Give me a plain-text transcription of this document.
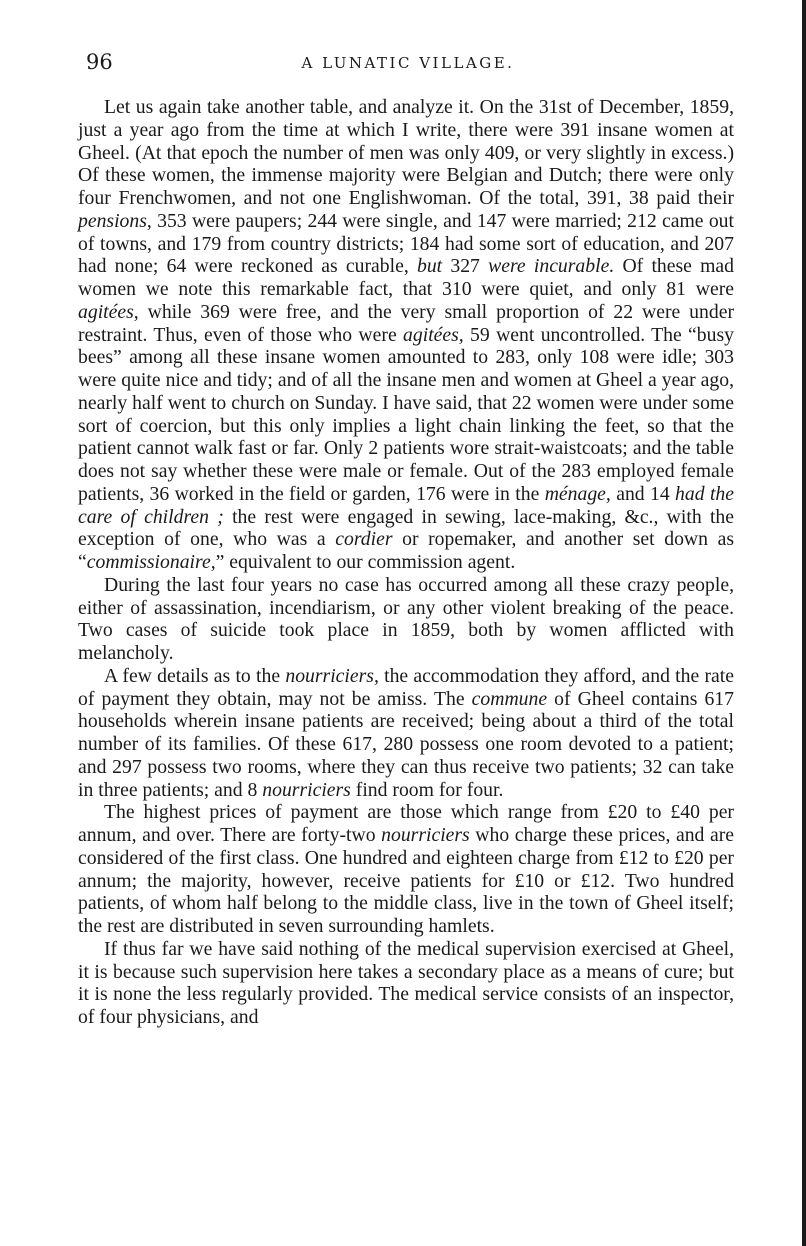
96	A LUNATIC VILLAGE.

Let us again take another table, and analyze it. On the 31st of December, 1859, just a year ago from the time at which I write, there were 391 insane women at Gheel. (At that epoch the number of men was only 409, or very slightly in excess.) Of these women, the immense majority were Belgian and Dutch; there were only four Frenchwomen, and not one Englishwoman. Of the total, 391, 38 paid their pensions, 353 were paupers; 244 were single, and 147 were married; 212 came out of towns, and 179 from country districts; 184 had some sort of education, and 207 had none; 64 were reckoned as curable, but 327 were incurable. Of these mad women we note this remarkable fact, that 310 were quiet, and only 81 were agitées, while 369 were free, and the very small proportion of 22 were under restraint. Thus, even of those who were agitées, 59 went uncontrolled. The “busy bees” among all these insane women amounted to 283, only 108 were idle; 303 were quite nice and tidy; and of all the insane men and women at Gheel a year ago, nearly half went to church on Sunday. I have said, that 22 women were under some sort of coercion, but this only implies a light chain linking the feet, so that the patient cannot walk fast or far. Only 2 patients wore strait-waistcoats; and the table does not say whether these were male or female. Out of the 283 employed female patients, 36 worked in the field or garden, 176 were in the ménage, and 14 had the care of children ; the rest were engaged in sewing, lace-making, &c., with the exception of one, who was a cordier or ropemaker, and another set down as “commissionaire,” equivalent to our commission agent.

During the last four years no case has occurred among all these crazy people, either of assassination, incendiarism, or any other violent breaking of the peace. Two cases of suicide took place in 1859, both by women afflicted with melancholy.

A few details as to the nourriciers, the accommodation they afford, and the rate of payment they obtain, may not be amiss. The commune of Gheel contains 617 households wherein insane patients are received; being about a third of the total number of its families. Of these 617, 280 possess one room devoted to a patient; and 297 possess two rooms, where they can thus receive two patients; 32 can take in three patients; and 8 nourriciers find room for four.

The highest prices of payment are those which range from £20 to £40 per annum, and over. There are forty-two nourriciers who charge these prices, and are considered of the first class. One hundred and eighteen charge from £12 to £20 per annum; the majority, however, receive patients for £10 or £12. Two hundred patients, of whom half belong to the middle class, live in the town of Gheel itself; the rest are distributed in seven surrounding hamlets.

If thus far we have said nothing of the medical supervision exercised at Gheel, it is because such supervision here takes a secondary place as a means of cure; but it is none the less regularly provided. The medical service consists of an inspector, of four physicians, and
